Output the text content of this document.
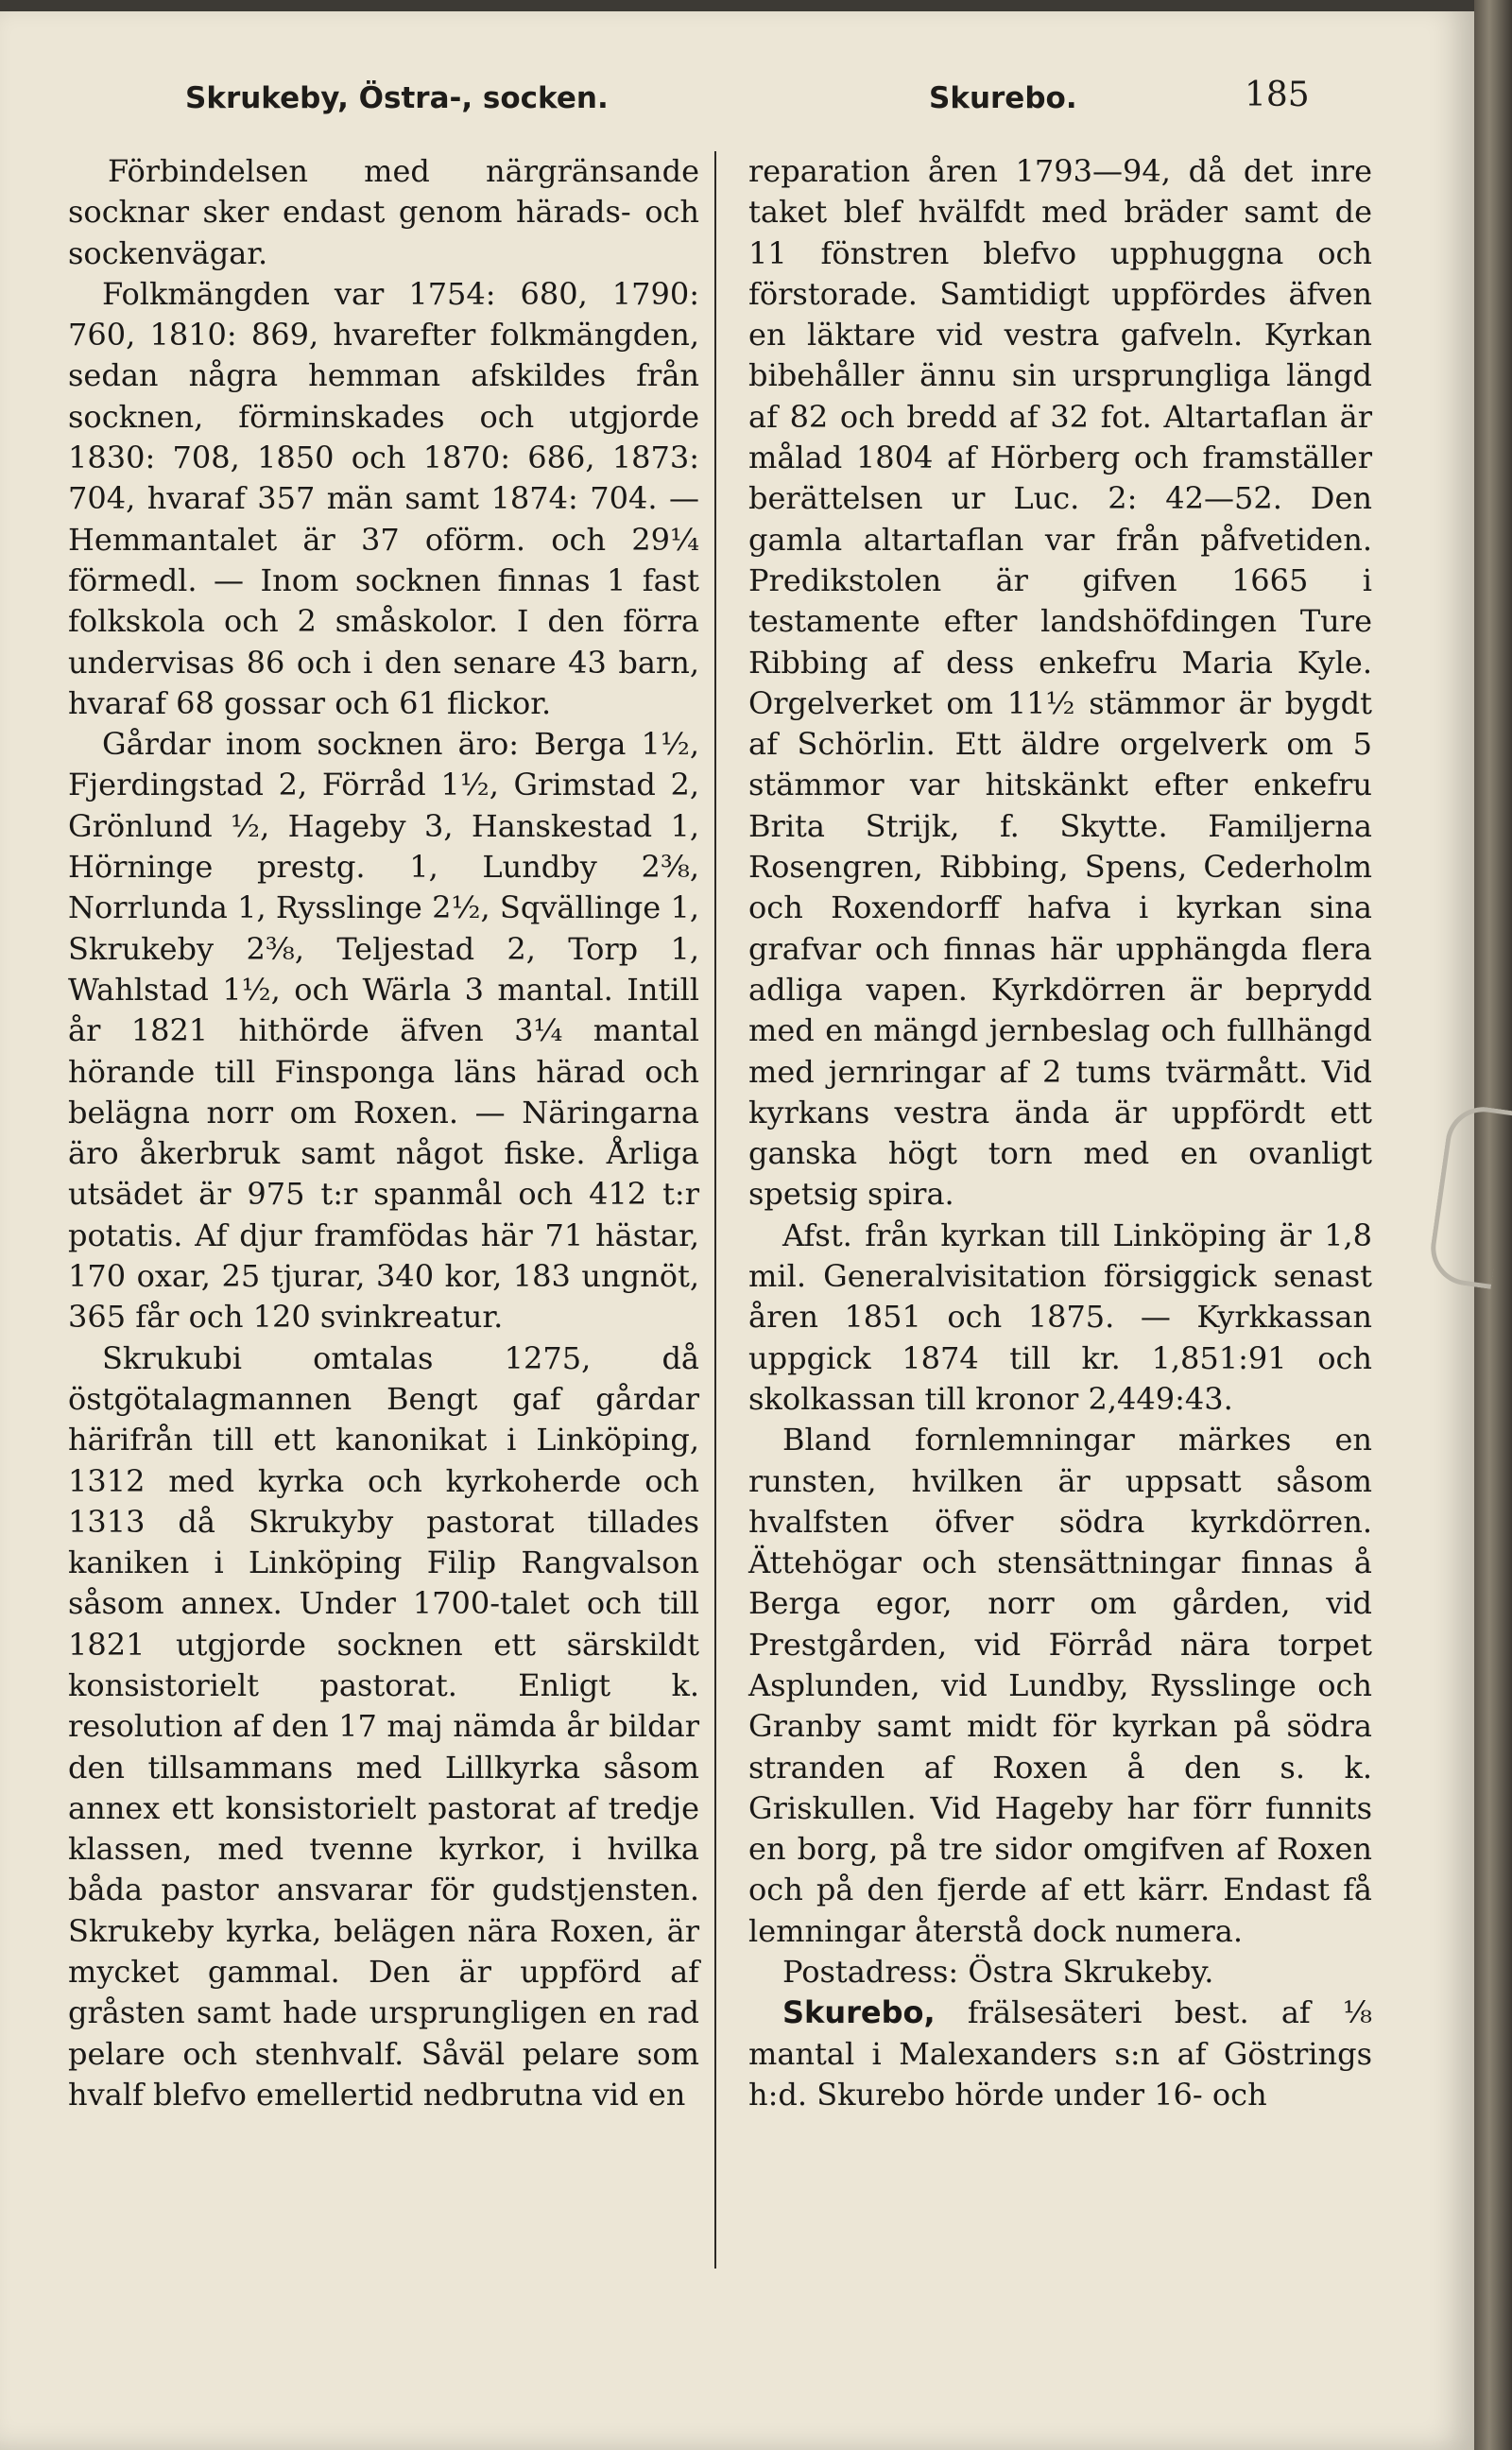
Skrukeby, Östra-, socken.	Skurebo.	185

Förbindelsen med närgränsande socknar sker endast genom härads- och sockenvägar.

Folkmängden var 1754: 680, 1790: 760, 1810: 869, hvarefter folkmängden, sedan några hemman afskildes från socknen, förminskades och utgjorde 1830: 708, 1850 och 1870: 686, 1873: 704, hvaraf 357 män samt 1874: 704. — Hemmantalet är 37 oförm. och 29¼ förmedl. — Inom socknen finnas 1 fast folkskola och 2 småskolor. I den förra undervisas 86 och i den senare 43 barn, hvaraf 68 gossar och 61 flickor.

Gårdar inom socknen äro: Berga 1½, Fjerdingstad 2, Förråd 1½, Grimstad 2, Grönlund ½, Hageby 3, Hanskestad 1, Hörninge prestg. 1, Lundby 2⅜, Norrlunda 1, Rysslinge 2½, Sqvällinge 1, Skrukeby 2⅜, Teljestad 2, Torp 1, Wahlstad 1½, och Wärla 3 mantal. Intill år 1821 hithörde äfven 3¼ mantal hörande till Finsponga läns härad och belägna norr om Roxen. — Näringarna äro åkerbruk samt något fiske. Årliga utsädet är 975 t:r spanmål och 412 t:r potatis. Af djur framfödas här 71 hästar, 170 oxar, 25 tjurar, 340 kor, 183 ungnöt, 365 får och 120 svinkreatur.

Skrukubi omtalas 1275, då östgötalagmannen Bengt gaf gårdar härifrån till ett kanonikat i Linköping, 1312 med kyrka och kyrkoherde och 1313 då Skrukyby pastorat tillades kaniken i Linköping Filip Rangvalson såsom annex. Under 1700-talet och till 1821 utgjorde socknen ett särskildt konsistorielt pastorat. Enligt k. resolution af den 17 maj nämda år bildar den tillsammans med Lillkyrka såsom annex ett konsistorielt pastorat af tredje klassen, med tvenne kyrkor, i hvilka båda pastor ansvarar för gudstjensten. Skrukeby kyrka, belägen nära Roxen, är mycket gammal. Den är uppförd af gråsten samt hade ursprungligen en rad pelare och stenhvalf. Såväl pelare som hvalf blefvo emellertid nedbrutna vid en

reparation åren 1793—94, då det inre taket blef hvälfdt med bräder samt de 11 fönstren blefvo upphuggna och förstorade. Samtidigt uppfördes äfven en läktare vid vestra gafveln. Kyrkan bibehåller ännu sin ursprungliga längd af 82 och bredd af 32 fot. Altartaflan är målad 1804 af Hörberg och framställer berättelsen ur Luc. 2: 42—52. Den gamla altartaflan var från påfvetiden. Predikstolen är gifven 1665 i testamente efter landshöfdingen Ture Ribbing af dess enkefru Maria Kyle. Orgelverket om 11½ stämmor är bygdt af Schörlin. Ett äldre orgelverk om 5 stämmor var hitskänkt efter enkefru Brita Strijk, f. Skytte. Familjerna Rosengren, Ribbing, Spens, Cederholm och Roxendorff hafva i kyrkan sina grafvar och finnas här upphängda flera adliga vapen. Kyrkdörren är beprydd med en mängd jernbeslag och fullhängd med jernringar af 2 tums tvärmått. Vid kyrkans vestra ända är uppfördt ett ganska högt torn med en ovanligt spetsig spira.

Afst. från kyrkan till Linköping är 1,8 mil. Generalvisitation försiggick senast åren 1851 och 1875. — Kyrkkassan uppgick 1874 till kr. 1,851:91 och skolkassan till kronor 2,449:43.

Bland fornlemningar märkes en runsten, hvilken är uppsatt såsom hvalfsten öfver södra kyrkdörren. Ättehögar och stensättningar finnas å Berga egor, norr om gården, vid Prestgården, vid Förråd nära torpet Asplunden, vid Lundby, Rysslinge och Granby samt midt för kyrkan på södra stranden af Roxen å den s. k. Griskullen. Vid Hageby har förr funnits en borg, på tre sidor omgifven af Roxen och på den fjerde af ett kärr. Endast få lemningar återstå dock numera.

Postadress: Östra Skrukeby.

Skurebo, frälsesäteri best. af ⅛ mantal i Malexanders s:n af Göstrings h:d. Skurebo hörde under 16- och
